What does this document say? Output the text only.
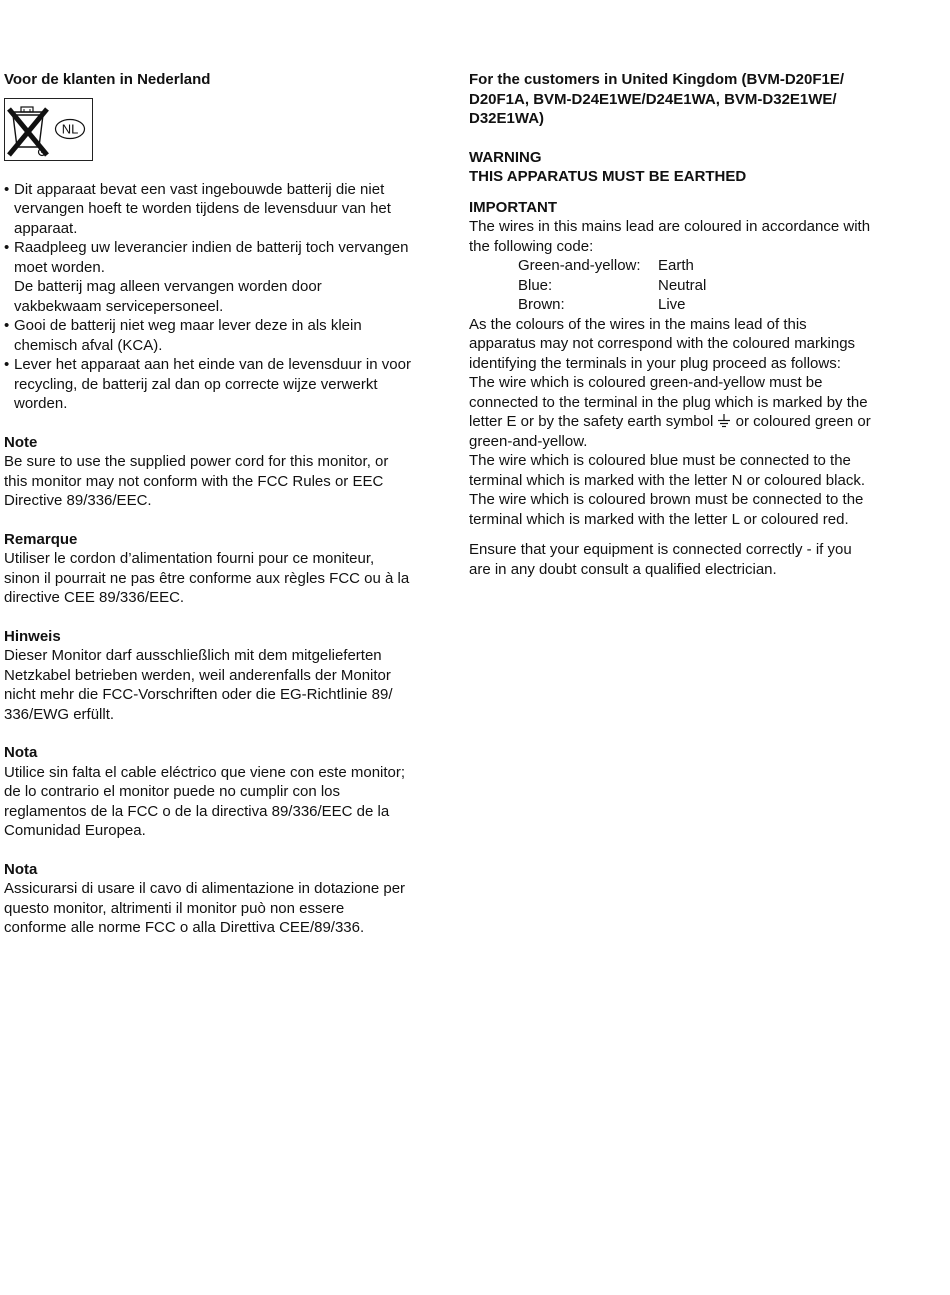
Voor de klanten in Nederland

NL
• Dit apparaat bevat een vast ingebouwde batterij die niet
vervangen hoeft te worden tijdens de levensduur van het
apparaat.
• Raadpleeg uw leverancier indien de batterij toch vervangen
moet worden.
De batterij mag alleen vervangen worden door
vakbekwaam servicepersoneel.
• Gooi de batterij niet weg maar lever deze in als klein
chemisch afval (KCA).
• Lever het apparaat aan het einde van de levensduur in voor
recycling, de batterij zal dan op correcte wijze verwerkt
worden.

Note

Be sure to use the supplied power cord for this monitor, or

this monitor may not conform with the FCC Rules or EEC

Directive 89/336/EEC.

Remarque

Utiliser le cordon d’alimentation fourni pour ce moniteur,

sinon il pourrait ne pas être conforme aux règles FCC ou à la

directive CEE 89/336/EEC.

Hinweis

Dieser Monitor darf ausschließlich mit dem mitgelieferten

Netzkabel betrieben werden, weil anderenfalls der Monitor

nicht mehr die FCC-Vorschriften oder die EG-Richtlinie 89/

336/EWG erfüllt.

Nota

Utilice sin falta el cable eléctrico que viene con este monitor;

de lo contrario el monitor puede no cumplir con los

reglamentos de la FCC o de la directiva 89/336/EEC de la

Comunidad Europea.

Nota

Assicurarsi di usare il cavo di alimentazione in dotazione per

questo monitor, altrimenti il monitor può non essere

conforme alle norme FCC o alla Direttiva CEE/89/336.

For the customers in United Kingdom (BVM-D20F1E/

D20F1A, BVM-D24E1WE/D24E1WA, BVM-D32E1WE/

D32E1WA)

WARNING

THIS APPARATUS MUST BE EARTHED

IMPORTANT

The wires in this mains lead are coloured in accordance with

the following code:

Green-and-yellow:	Earth
Blue:	Neutral
Brown:	Live

As the colours of the wires in the mains lead of this

apparatus may not correspond with the coloured markings

identifying the terminals in your plug proceed as follows:

The wire which is coloured green-and-yellow must be

connected to the terminal in the plug which is marked by the

letter E or by the safety earth symbol or coloured green or

green-and-yellow.

The wire which is coloured blue must be connected to the

terminal which is marked with the letter N or coloured black.

The wire which is coloured brown must be connected to the

terminal which is marked with the letter L or coloured red.

Ensure that your equipment is connected correctly - if you

are in any doubt consult a qualified electrician.
